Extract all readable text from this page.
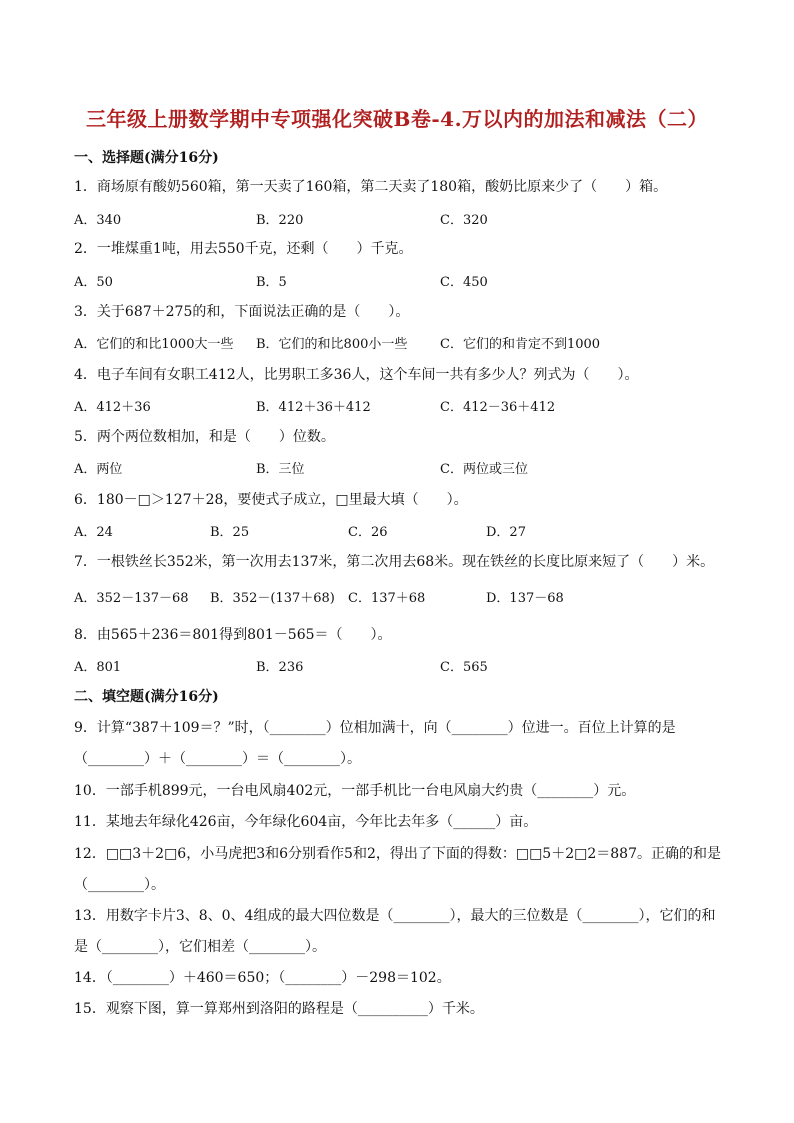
三年级上册数学期中专项强化突破B卷-4.万以内的加法和减法（二）
一、选择题(满分16分)
1．商场原有酸奶560箱，第一天卖了160箱，第二天卖了180箱，酸奶比原来少了（　　）箱。
A．340	B．220	C．320
2．一堆煤重1吨，用去550千克，还剩（　　）千克。
A．50	B．5	C．450
3．关于687＋275的和，下面说法正确的是（　　）。
A．它们的和比1000大一些 B．它们的和比800小一些	C．它们的和肯定不到1000
4．电子车间有女职工412人，比男职工多36人，这个车间一共有多少人？列式为（　　）。
A．412＋36	B．412＋36＋412	C．412－36＋412
5．两个两位数相加，和是（　　）位数。
A．两位	B．三位	C．两位或三位
6．180－□＞127＋28，要使式子成立，□里最大填（　　）。
A．24	B．25	C．26	D．27
7．一根铁丝长352米，第一次用去137米，第二次用去68米。现在铁丝的长度比原来短了（　　）米。
A．352－137－68 B．352－(137＋68) C．137＋68	D．137－68
8．由565＋236＝801得到801－565＝（　　）。
A．801	B．236	C．565
二、填空题(满分16分)
9．计算“387＋109＝？”时，（________）位相加满十，向（________）位进一。百位上计算的是
（________）＋（________）＝（________）。
10．一部手机899元，一台电风扇402元，一部手机比一台电风扇大约贵（________）元。
11．某地去年绿化426亩，今年绿化604亩，今年比去年多（______）亩。
12．□□3＋2□6，小马虎把3和6分别看作5和2，得出了下面的得数：□□5＋2□2＝887。正确的和是
（________）。
13．用数字卡片3、8、0、4组成的最大四位数是（________），最大的三位数是（________），它们的和
是（________），它们相差（________）。
14．（________）＋460＝650；（________）－298＝102。
15．观察下图，算一算郑州到洛阳的路程是（__________）千米。
